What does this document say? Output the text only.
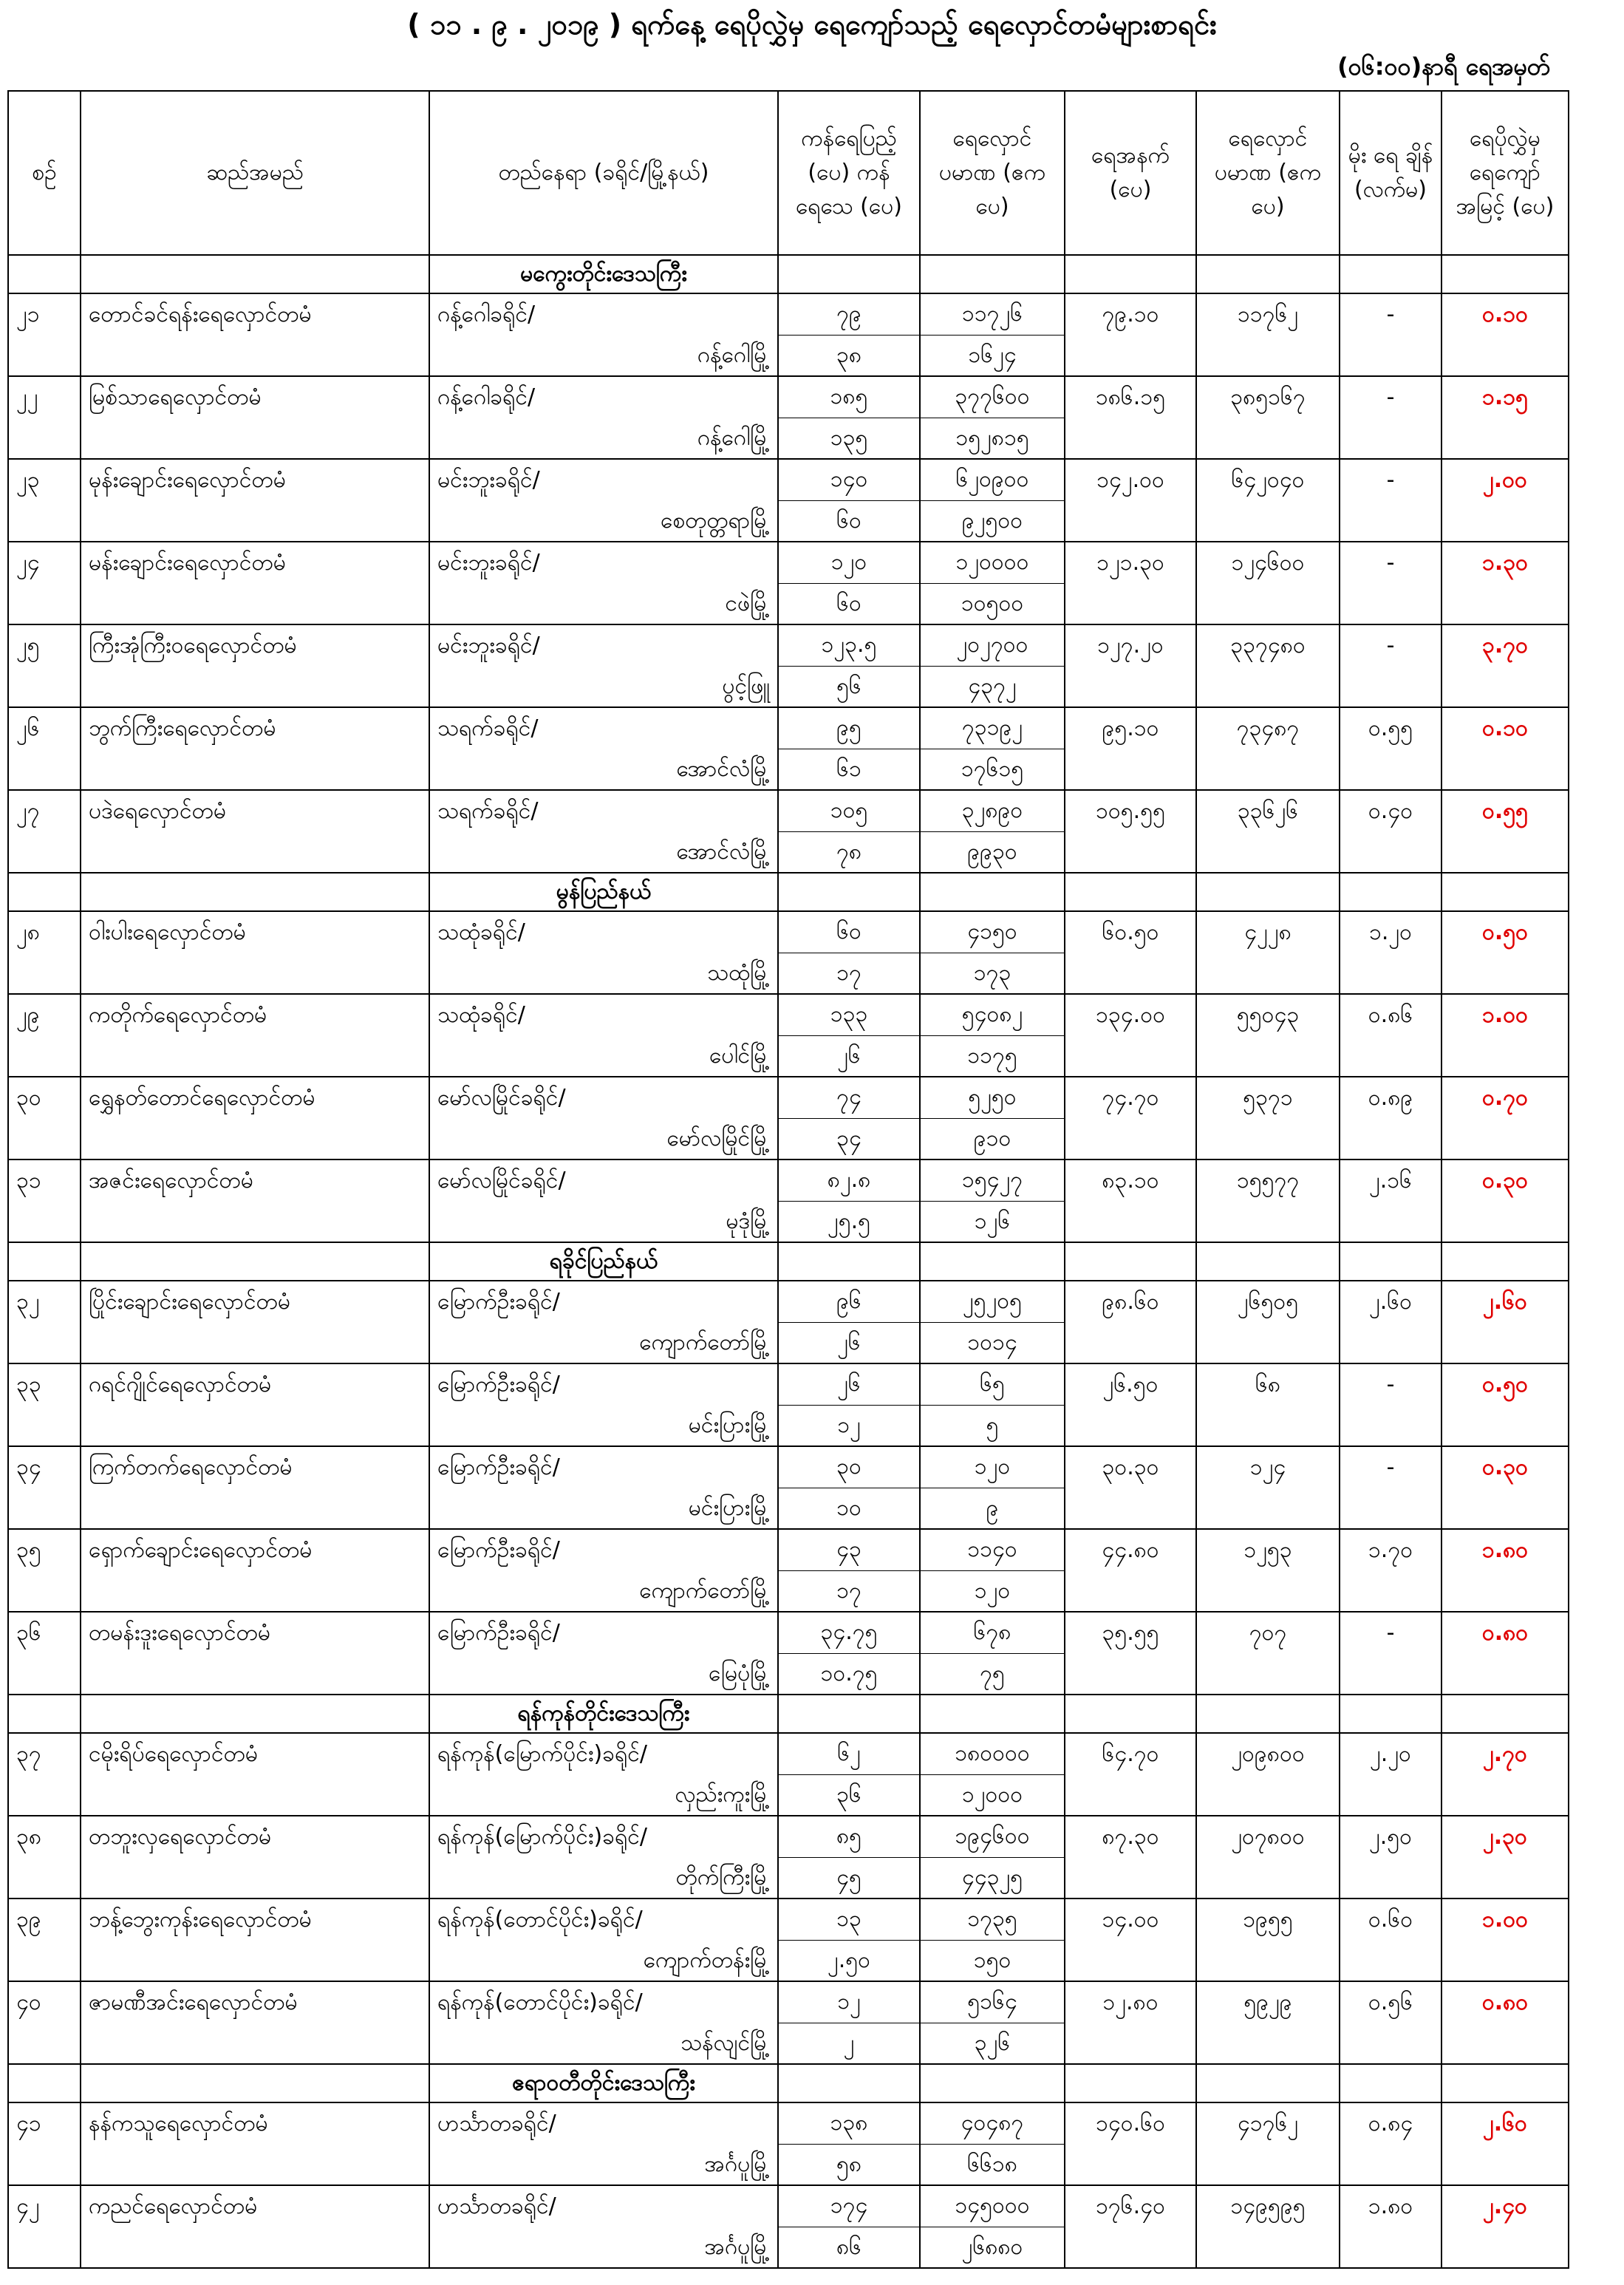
( ၁၁ . ၉ . ၂၀၁၉ ) ရက်နေ့ ရေပိုလွှဲမှ ရေကျော်သည့် ရေလှောင်တမံများစာရင်း
(၀၆:၀၀)နာရီ ရေအမှတ်
စဉ်	ဆည်အမည်	တည်နေရာ (ခရိုင်/မြို့နယ်)	ကန်ရေပြည့် (ပေ) ကန်ရေသေ (ပေ)	ရေလှောင် ပမာဏ (ဧကပေ)	ရေအနက် (ပေ)	ရေလှောင် ပမာဏ (ဧကပေ)	မိုး ရေ ချိန် (လက်မ)	ရေပိုလွှဲမှ ရေကျော် အမြင့် (ပေ)
		မကွေးတိုင်းဒေသကြီး						
၂၁	တောင်ခင်ရန်းရေလှောင်တမံ	ဂန့်ဂေါခရိုင်/	၇၉	၁၁၇၂၆	၇၉.၁၀	၁၁၇၆၂	-	၀.၁၀
		ဂန့်ဂေါမြို့	၃၈	၁၆၂၄				
၂၂	မြစ်သာရေလှောင်တမံ	ဂန့်ဂေါခရိုင်/	၁၈၅	၃၇၇၆၀၀	၁၈၆.၁၅	၃၈၅၁၆၇	-	၁.၁၅
		ဂန့်ဂေါမြို့	၁၃၅	၁၅၂၈၁၅				
၂၃	မုန်းချောင်းရေလှောင်တမံ	မင်းဘူးခရိုင်/	၁၄၀	၆၂၀၉၀၀	၁၄၂.၀၀	၆၄၂၀၄၀	-	၂.၀၀
		စေတုတ္တရာမြို့	၆၀	၉၂၅၀၀				
၂၄	မန်းချောင်းရေလှောင်တမံ	မင်းဘူးခရိုင်/	၁၂၀	၁၂၀၀၀၀	၁၂၁.၃၀	၁၂၄၆၀၀	-	၁.၃၀
		ငဖဲမြို့	၆၀	၁၀၅၀၀				
၂၅	ကြီးအုံကြီးဝရေလှောင်တမံ	မင်းဘူးခရိုင်/	၁၂၃.၅	၂၀၂၇၀၀	၁၂၇.၂၀	၃၃၇၄၈၀	-	၃.၇၀
		ပွင့်ဖြူ	၅၆	၄၃၇၂				
၂၆	ဘွက်ကြီးရေလှောင်တမံ	သရက်ခရိုင်/	၉၅	၇၃၁၉၂	၉၅.၁၀	၇၃၄၈၇	၀.၅၅	၀.၁၀
		အောင်လံမြို့	၆၁	၁၇၆၁၅				
၂၇	ပဒဲရေလှောင်တမံ	သရက်ခရိုင်/	၁၀၅	၃၂၈၉၀	၁၀၅.၅၅	၃၃၆၂၆	၀.၄၀	၀.၅၅
		အောင်လံမြို့	၇၈	၉၉၃၀				
		မွန်ပြည်နယ်						
၂၈	ဝါးပါးရေလှောင်တမံ	သထုံခရိုင်/	၆၀	၄၁၅၀	၆၀.၅၀	၄၂၂၈	၁.၂၀	၀.၅၀
		သထုံမြို့	၁၇	၁၇၃				
၂၉	ကတိုက်ရေလှောင်တမံ	သထုံခရိုင်/	၁၃၃	၅၄၀၈၂	၁၃၄.၀၀	၅၅၀၄၃	၀.၈၆	၁.၀၀
		ပေါင်မြို့	၂၆	၁၁၇၅				
၃၀	ရွှေနတ်တောင်ရေလှောင်တမံ	မော်လမြိုင်ခရိုင်/	၇၄	၅၂၅၀	၇၄.၇၀	၅၃၇၁	၀.၈၉	၀.၇၀
		မော်လမြိုင်မြို့	၃၄	၉၁၀				
၃၁	အဇင်းရေလှောင်တမံ	မော်လမြိုင်ခရိုင်/	၈၂.၈	၁၅၄၂၇	၈၃.၁၀	၁၅၅၇၇	၂.၁၆	၀.၃၀
		မုဒုံမြို့	၂၅.၅	၁၂၆				
		ရခိုင်ပြည်နယ်						
၃၂	ပြိုင်းချောင်းရေလှောင်တမံ	မြောက်ဦးခရိုင်/	၉၆	၂၅၂၀၅	၉၈.၆၀	၂၆၅၀၅	၂.၆၀	၂.၆၀
		ကျောက်တော်မြို့	၂၆	၁၀၁၄				
၃၃	ဂရင်ဂျိုင်ရေလှောင်တမံ	မြောက်ဦးခရိုင်/	၂၆	၆၅	၂၆.၅၀	၆၈	-	၀.၅၀
		မင်းပြားမြို့	၁၂	၅				
၃၄	ကြက်တက်ရေလှောင်တမံ	မြောက်ဦးခရိုင်/	၃၀	၁၂၀	၃၀.၃၀	၁၂၄	-	၀.၃၀
		မင်းပြားမြို့	၁၀	၉				
၃၅	ရှောက်ချောင်းရေလှောင်တမံ	မြောက်ဦးခရိုင်/	၄၃	၁၁၄၀	၄၄.၈၀	၁၂၅၃	၁.၇၀	၁.၈၀
		ကျောက်တော်မြို့	၁၇	၁၂၀				
၃၆	တမန်းဒူးရေလှောင်တမံ	မြောက်ဦးခရိုင်/	၃၄.၇၅	၆၇၈	၃၅.၅၅	၇၀၇	-	၀.၈၀
		မြေပုံမြို့	၁၀.၇၅	၇၅				
		ရန်ကုန်တိုင်းဒေသကြီး						
၃၇	ငမိုးရိပ်ရေလှောင်တမံ	ရန်ကုန်(မြောက်ပိုင်း)ခရိုင်/	၆၂	၁၈၀၀၀၀	၆၄.၇၀	၂၀၉၈၀၀	၂.၂၀	၂.၇၀
		လှည်းကူးမြို့	၃၆	၁၂၀၀၀				
၃၈	တဘူးလှရေလှောင်တမံ	ရန်ကုန်(မြောက်ပိုင်း)ခရိုင်/	၈၅	၁၉၄၆၀၀	၈၇.၃၀	၂၀၇၈၀၀	၂.၅၀	၂.၃၀
		တိုက်ကြီးမြို့	၄၅	၄၄၃၂၅				
၃၉	ဘန့်ဘွေးကုန်းရေလှောင်တမံ	ရန်ကုန်(တောင်ပိုင်း)ခရိုင်/	၁၃	၁၇၃၅	၁၄.၀၀	၁၉၅၅	၀.၆၀	၁.၀၀
		ကျောက်တန်းမြို့	၂.၅၀	၁၅၀				
၄၀	ဇာမဏီအင်းရေလှောင်တမံ	ရန်ကုန်(တောင်ပိုင်း)ခရိုင်/	၁၂	၅၁၆၄	၁၂.၈၀	၅၉၂၉	၀.၅၆	၀.၈၀
		သန်လျင်မြို့	၂	၃၂၆				
		ဧရာဝတီတိုင်းဒေသကြီး						
၄၁	နန်ကသူရေလှောင်တမံ	ဟင်္သာတခရိုင်/	၁၃၈	၄၀၄၈၇	၁၄၀.၆၀	၄၁၇၆၂	၀.၈၄	၂.၆၀
		အင်္ဂပူမြို့	၅၈	၆၆၁၈				
၄၂	ကညင်ရေလှောင်တမံ	ဟင်္သာတခရိုင်/	၁၇၄	၁၄၅၀၀၀	၁၇၆.၄၀	၁၄၉၅၉၅	၁.၈၀	၂.၄၀
		အင်္ဂပူမြို့	၈၆	၂၆၈၈၀				
